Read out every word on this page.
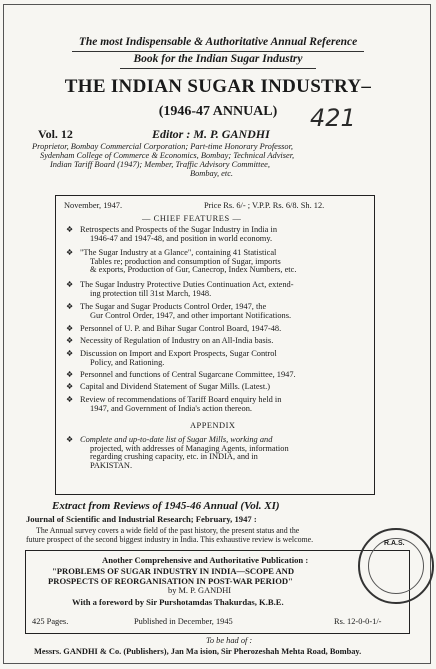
The most Indispensable & Authoritative Annual Reference
Book for the Indian Sugar Industry
THE INDIAN SUGAR INDUSTRY–
(1946-47 ANNUAL)	421
Vol. 12	Editor : M. P. GANDHI
Proprietor, Bombay Commercial Corporation; Part-time Honorary Professor,
Sydenham College of Commerce & Economics, Bombay; Technical Adviser,
Indian Tariff Board (1947); Member, Traffic Advisory Committee,
Bombay, etc.
November, 1947.	Price Rs. 6/- ; V.P.P. Rs. 6/8. Sh. 12.
— CHIEF FEATURES —
❖ Retrospects and Prospects of the Sugar Industry in India in
1946-47 and 1947-48, and position in world economy.
❖ "The Sugar Industry at a Glance", containing 41 Statistical
Tables re; production and consumption of Sugar, imports
& exports, Production of Gur, Canecrop, Index Numbers, etc.
❖ The Sugar Industry Protective Duties Continuation Act, extend-
ing protection till 31st March, 1948.
❖ The Sugar and Sugar Products Control Order, 1947, the
Gur Control Order, 1947, and other important Notifications.
❖ Personnel of U. P. and Bihar Sugar Control Board, 1947-48.
❖ Necessity of Regulation of Industry on an All-India basis.
❖ Discussion on Import and Export Prospects, Sugar Control
Policy, and Rationing.
❖ Personnel and functions of Central Sugarcane Committee, 1947.
❖ Capital and Dividend Statement of Sugar Mills. (Latest.)
❖ Review of recommendations of Tariff Board enquiry held in
1947, and Government of India's action thereon.
APPENDIX
❖ Complete and up-to-date list of Sugar Mills, working and
projected, with addresses of Managing Agents, information
regarding crushing capacity, etc. in INDIA, and in
PAKISTAN.
Extract from Reviews of 1945-46 Annual (Vol. XI)
Journal of Scientific and Industrial Research; February, 1947 :
The Annual survey covers a wide field of the past history, the present status and the
future prospect of the second biggest industry in India. This exhaustive review is welcome.
Another Comprehensive and Authoritative Publication :
"PROBLEMS OF SUGAR INDUSTRY IN INDIA—SCOPE AND
PROSPECTS OF REORGANISATION IN POST-WAR PERIOD"
by M. P. GANDHI
With a foreword by Sir Purshotamdas Thakurdas, K.B.E.
425 Pages.	Published in December, 1945	Rs. 12-0-0-1/-
To be had of :
Messrs. GANDHI & Co. (Publishers), Jan Ma ision, Sir Pherozeshah Mehta Road, Bombay.
R.A.S.
